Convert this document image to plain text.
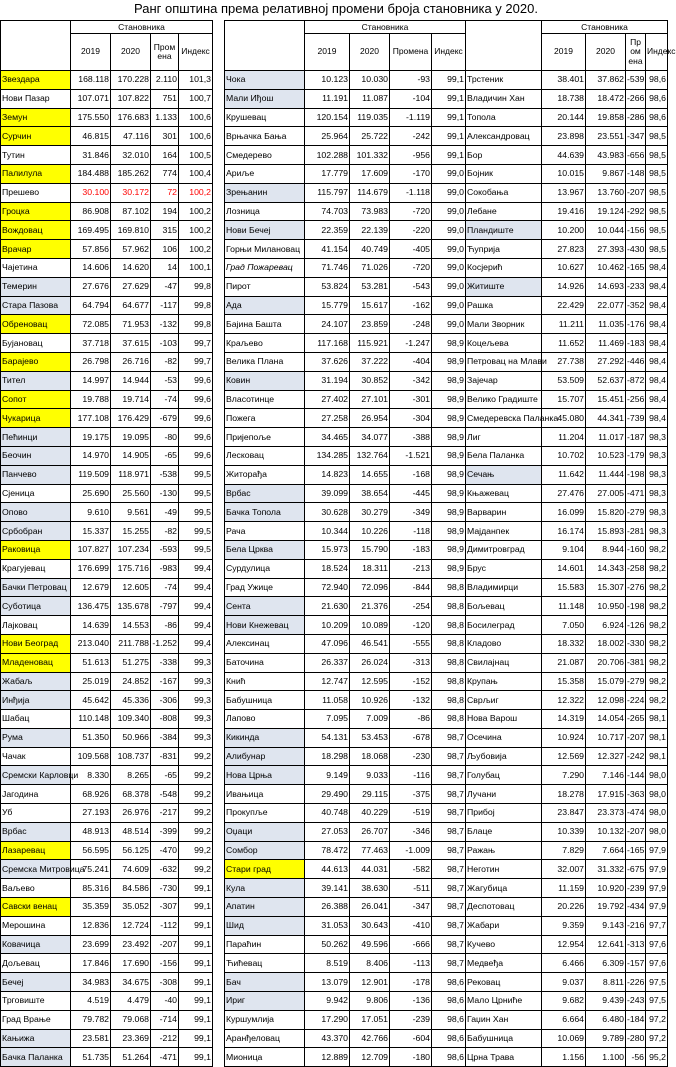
Ранг општина према релативној промени броја становника у 2020.
	Становника			
	2019	2020	Промена	Индекс
Звездара	168.118	170.228	2.110	101,3
Нови Пазар	107.071	107.822	751	100,7
Земун	175.550	176.683	1.133	100,6
Сурчин	46.815	47.116	301	100,6
Тутин	31.846	32.010	164	100,5
Палилула	184.488	185.262	774	100,4
Прешево	30.100	30.172	72	100,2
Гроцка	86.908	87.102	194	100,2
Вождовац	169.495	169.810	315	100,2
Врачар	57.856	57.962	106	100,2
Чајетина	14.606	14.620	14	100,1
Темерин	27.676	27.629	-47	99,8
Стара Пазова	64.794	64.677	-117	99,8
Обреновац	72.085	71.953	-132	99,8
Бујановац	37.718	37.615	-103	99,7
Барајево	26.798	26.716	-82	99,7
Тител	14.997	14.944	-53	99,6
Сопот	19.788	19.714	-74	99,6
Чукарица	177.108	176.429	-679	99,6
Пећинци	19.175	19.095	-80	99,6
Беочин	14.970	14.905	-65	99,6
Панчево	119.509	118.971	-538	99,5
Сјеница	25.690	25.560	-130	99,5
Опово	9.610	9.561	-49	99,5
Србобран	15.337	15.255	-82	99,5
Раковица	107.827	107.234	-593	99,5
Крагујевац	176.699	175.716	-983	99,4
Бачки Петровац	12.679	12.605	-74	99,4
Суботица	136.475	135.678	-797	99,4
Лајковац	14.639	14.553	-86	99,4
Нови Београд	213.040	211.788	-1.252	99,4
Младеновац	51.613	51.275	-338	99,3
Жабаљ	25.019	24.852	-167	99,3
Инђија	45.642	45.336	-306	99,3
Шабац	110.148	109.340	-808	99,3
Рума	51.350	50.966	-384	99,3
Чачак	109.568	108.737	-831	99,2
Сремски Карловци	8.330	8.265	-65	99,2
Јагодина	68.926	68.378	-548	99,2
Уб	27.193	26.976	-217	99,2
Врбас	48.913	48.514	-399	99,2
Лазаревац	56.595	56.125	-470	99,2
Сремска Митровица	75.241	74.609	-632	99,2
Ваљево	85.316	84.586	-730	99,1
Савски венац	35.359	35.052	-307	99,1
Мерошина	12.836	12.724	-112	99,1
Ковачица	23.699	23.492	-207	99,1
Дољевац	17.846	17.690	-156	99,1
Бечеј	34.983	34.675	-308	99,1
Трговиште	4.519	4.479	-40	99,1
Град Врање	79.782	79.068	-714	99,1
Кањижа	23.581	23.369	-212	99,1
Бачка Паланка	51.735	51.264	-471	99,1
	Становника			
	2019	2020	Промена	Индекс
Чока	10.123	10.030	-93	99,1
Мали Иђош	11.191	11.087	-104	99,1
Крушевац	120.154	119.035	-1.119	99,1
Врњачка Бања	25.964	25.722	-242	99,1
Смедерево	102.288	101.332	-956	99,1
Ариље	17.779	17.609	-170	99,0
Зрењанин	115.797	114.679	-1.118	99,0
Лозница	74.703	73.983	-720	99,0
Нови Бечеј	22.359	22.139	-220	99,0
Горњи Милановац	41.154	40.749	-405	99,0
Град Пожаревац	71.746	71.026	-720	99,0
Пирот	53.824	53.281	-543	99,0
Ада	15.779	15.617	-162	99,0
Бајина Башта	24.107	23.859	-248	99,0
Краљево	117.168	115.921	-1.247	98,9
Велика Плана	37.626	37.222	-404	98,9
Ковин	31.194	30.852	-342	98,9
Власотинце	27.402	27.101	-301	98,9
Пожега	27.258	26.954	-304	98,9
Пријепоље	34.465	34.077	-388	98,9
Лесковац	134.285	132.764	-1.521	98,9
Житорађа	14.823	14.655	-168	98,9
Врбас	39.099	38.654	-445	98,9
Бачка Топола	30.628	30.279	-349	98,9
Рача	10.344	10.226	-118	98,9
Бела Црква	15.973	15.790	-183	98,9
Сурдулица	18.524	18.311	-213	98,9
Град Ужице	72.940	72.096	-844	98,8
Сента	21.630	21.376	-254	98,8
Нови Кнежевац	10.209	10.089	-120	98,8
Алексинац	47.096	46.541	-555	98,8
Баточина	26.337	26.024	-313	98,8
Кнић	12.747	12.595	-152	98,8
Бабушница	11.058	10.926	-132	98,8
Лапово	7.095	7.009	-86	98,8
Кикинда	54.131	53.453	-678	98,7
Алибунар	18.298	18.068	-230	98,7
Нова Црња	9.149	9.033	-116	98,7
Ивањица	29.490	29.115	-375	98,7
Прокупље	40.748	40.229	-519	98,7
Оџаци	27.053	26.707	-346	98,7
Сомбор	78.472	77.463	-1.009	98,7
Стари град	44.613	44.031	-582	98,7
Кула	39.141	38.630	-511	98,7
Апатин	26.388	26.041	-347	98,7
Шид	31.053	30.643	-410	98,7
Параћин	50.262	49.596	-666	98,7
Ћићевац	8.519	8.406	-113	98,7
Бач	13.079	12.901	-178	98,6
Ириг	9.942	9.806	-136	98,6
Куршумлија	17.290	17.051	-239	98,6
Аранђеловац	43.370	42.766	-604	98,6
Мионица	12.889	12.709	-180	98,6
	Становника			
	2019	2020	Промена	Индекс
Трстеник	38.401	37.862	-539	98,6
Владичин Хан	18.738	18.472	-266	98,6
Топола	20.144	19.858	-286	98,6
Александровац	23.898	23.551	-347	98,5
Бор	44.639	43.983	-656	98,5
Бојник	10.015	9.867	-148	98,5
Сокобања	13.967	13.760	-207	98,5
Лебане	19.416	19.124	-292	98,5
Пландиште	10.200	10.044	-156	98,5
Ћуприја	27.823	27.393	-430	98,5
Косјерић	10.627	10.462	-165	98,4
Житиште	14.926	14.693	-233	98,4
Рашка	22.429	22.077	-352	98,4
Мали Зворник	11.211	11.035	-176	98,4
Коцељева	11.652	11.469	-183	98,4
Петровац на Млави	27.738	27.292	-446	98,4
Зајечар	53.509	52.637	-872	98,4
Велико Градиште	15.707	15.451	-256	98,4
Смедеревска Паланка	45.080	44.341	-739	98,4
Лиг	11.204	11.017	-187	98,3
Бела Паланка	10.702	10.523	-179	98,3
Сечањ	11.642	11.444	-198	98,3
Књажевац	27.476	27.005	-471	98,3
Варварин	16.099	15.820	-279	98,3
Мајданпек	16.174	15.893	-281	98,3
Димитровград	9.104	8.944	-160	98,2
Брус	14.601	14.343	-258	98,2
Владимирци	15.583	15.307	-276	98,2
Бољевац	11.148	10.950	-198	98,2
Босилеград	7.050	6.924	-126	98,2
Кладово	18.332	18.002	-330	98,2
Свилајнац	21.087	20.706	-381	98,2
Крупањ	15.358	15.079	-279	98,2
Сврљиг	12.322	12.098	-224	98,2
Нова Варош	14.319	14.054	-265	98,1
Осечина	10.924	10.717	-207	98,1
Љубовија	12.569	12.327	-242	98,1
Голубац	7.290	7.146	-144	98,0
Лучани	18.278	17.915	-363	98,0
Прибој	23.847	23.373	-474	98,0
Блаце	10.339	10.132	-207	98,0
Ражањ	7.829	7.664	-165	97,9
Неготин	32.007	31.332	-675	97,9
Жагубица	11.159	10.920	-239	97,9
Деспотовац	20.226	19.792	-434	97,9
Жабари	9.359	9.143	-216	97,7
Кучево	12.954	12.641	-313	97,6
Медвеђа	6.466	6.309	-157	97,6
Рековац	9.037	8.811	-226	97,5
Мало Црниће	9.682	9.439	-243	97,5
Гаџин Хан	6.664	6.480	-184	97,2
Бабушница	10.069	9.789	-280	97,2
Црна Трава	1.156	1.100	-56	95,2
